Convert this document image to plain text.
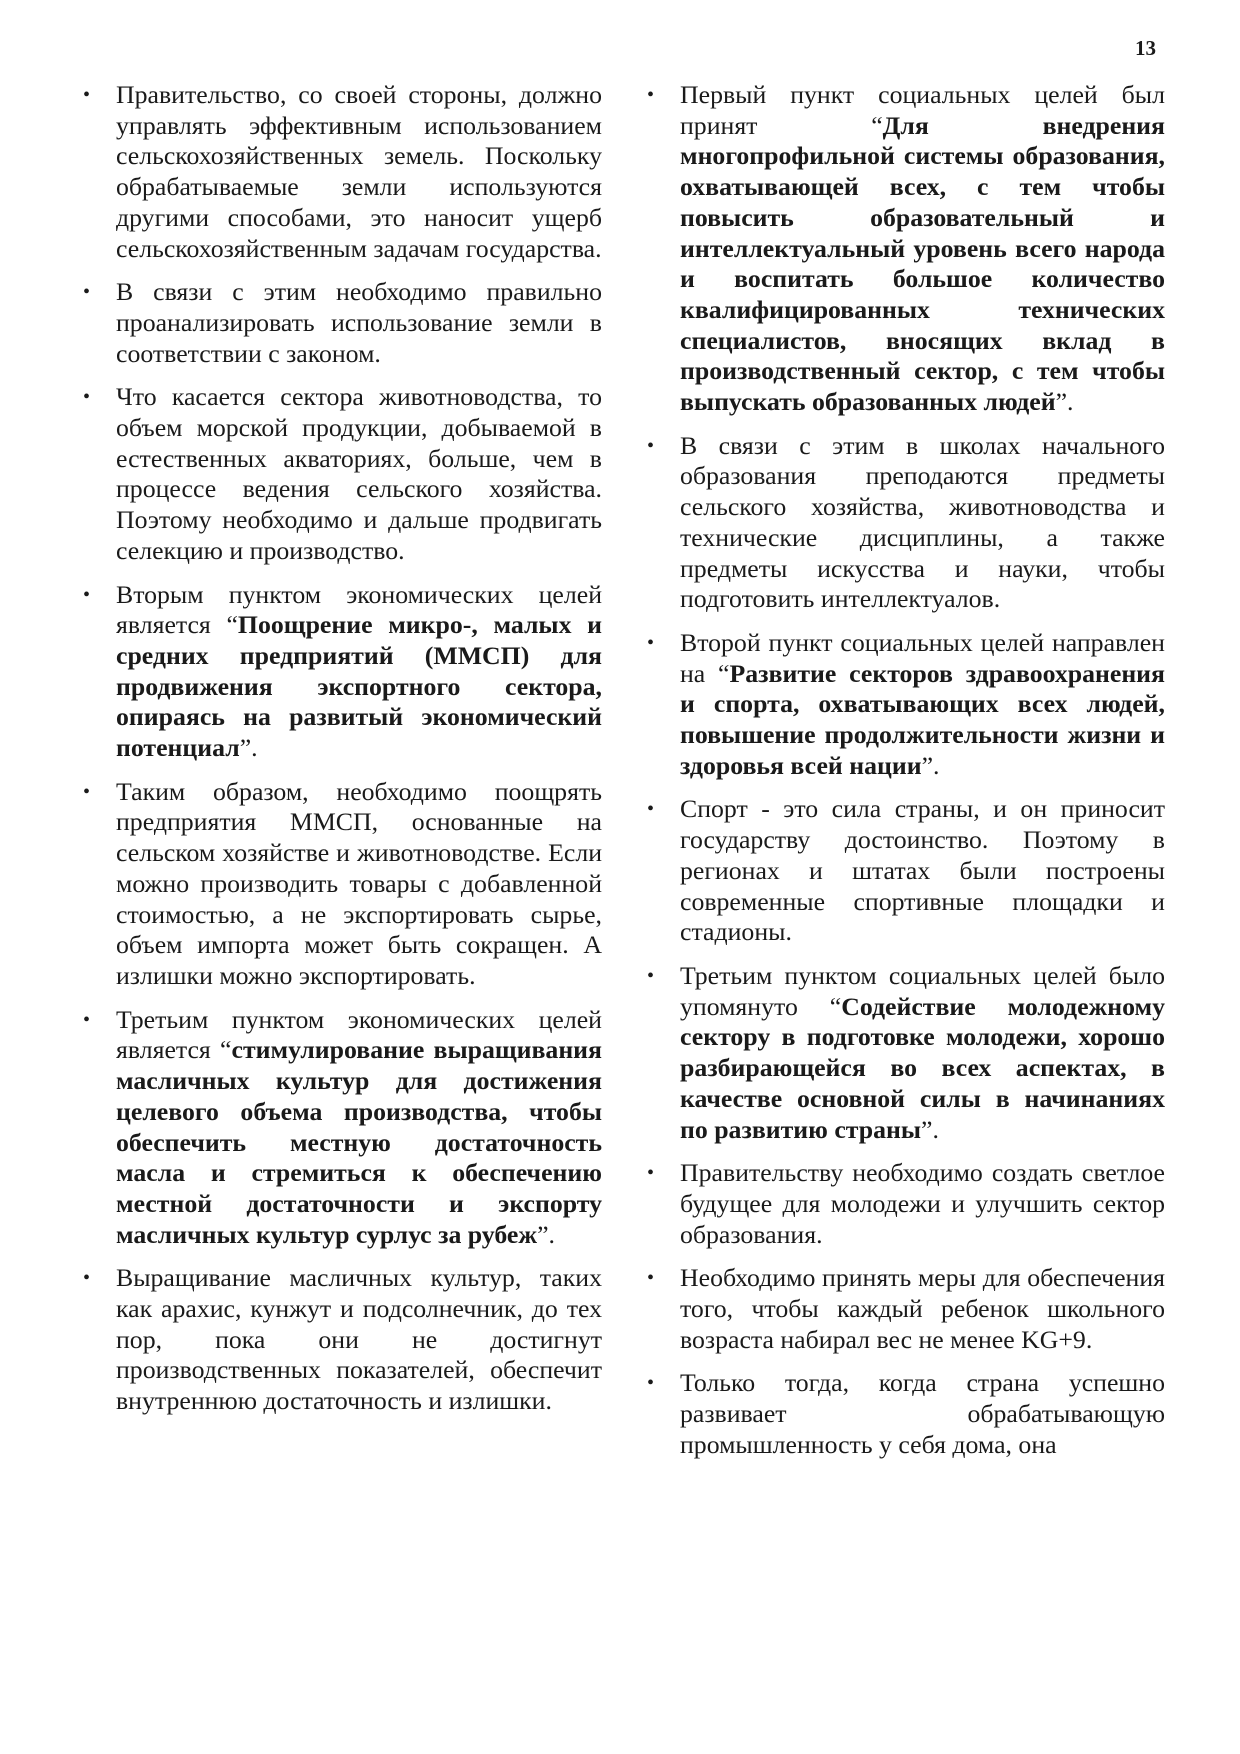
13
• Правительство, со своей стороны, должно управлять эффективным использованием сельскохозяйственных земель. Поскольку обрабатываемые земли используются другими способами, это наносит ущерб сельскохозяйственным задачам государства.
• В связи с этим необходимо правильно проанализировать использование земли в соответствии с законом.
• Что касается сектора животноводства, то объем морской продукции, добываемой в естественных акваториях, больше, чем в процессе ведения сельского хозяйства. Поэтому необходимо и дальше продвигать селекцию и производство.
• Вторым пунктом экономических целей является “Поощрение микро-, малых и средних предприятий (ММСП) для продвижения экспортного сектора, опираясь на развитый экономический потенциал”.
• Таким образом, необходимо поощрять предприятия ММСП, основанные на сельском хозяйстве и животноводстве. Если можно производить товары с добавленной стоимостью, а не экспортировать сырье, объем импорта может быть сокращен. А излишки можно экспортировать.
• Третьим пунктом экономических целей является “стимулирование выращивания масличных культур для достижения целевого объема производства, чтобы обеспечить местную достаточность масла и стремиться к обеспечению местной достаточности и экспорту масличных культур сурлус за рубеж”.
• Выращивание масличных культур, таких как арахис, кунжут и подсолнечник, до тех пор, пока они не достигнут производственных показателей, обеспечит внутреннюю достаточность и излишки.
• Первый пункт социальных целей был принят “Для внедрения многопрофильной системы образования, охватывающей всех, с тем чтобы повысить образовательный и интеллектуальный уровень всего народа и воспитать большое количество квалифицированных технических специалистов, вносящих вклад в производственный сектор, с тем чтобы выпускать образованных людей”.
• В связи с этим в школах начального образования преподаются предметы сельского хозяйства, животноводства и технические дисциплины, а также предметы искусства и науки, чтобы подготовить интеллектуалов.
• Второй пункт социальных целей направлен на “Развитие секторов здравоохранения и спорта, охватывающих всех людей, повышение продолжительности жизни и здоровья всей нации”.
• Спорт - это сила страны, и он приносит государству достоинство. Поэтому в регионах и штатах были построены современные спортивные площадки и стадионы.
• Третьим пунктом социальных целей было упомянуто “Содействие молодежному сектору в подготовке молодежи, хорошо разбирающейся во всех аспектах, в качестве основной силы в начинаниях по развитию страны”.
• Правительству необходимо создать светлое будущее для молодежи и улучшить сектор образования.
• Необходимо принять меры для обеспечения того, чтобы каждый ребенок школьного возраста набирал вес не менее KG+9.
• Только тогда, когда страна успешно развивает обрабатывающую промышленность у себя дома, она
